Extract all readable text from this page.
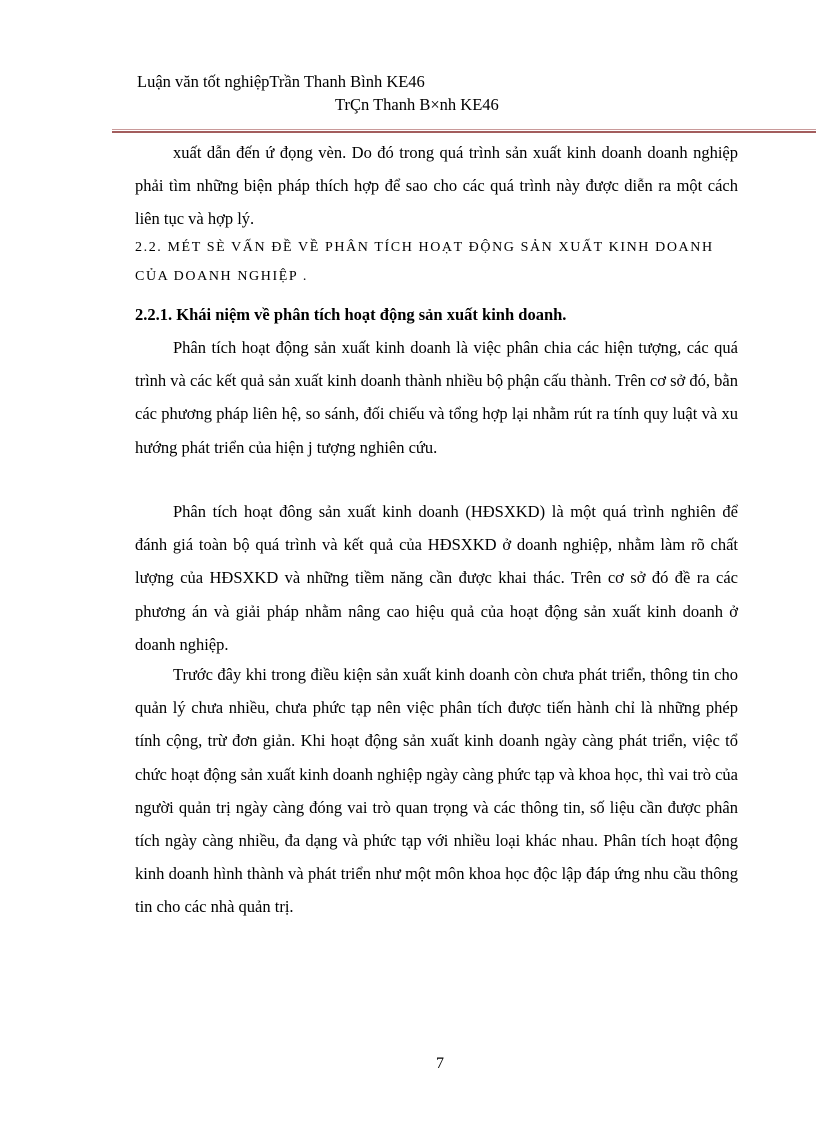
Luận văn tốt nghiệpTrần Thanh Bình KE46
TrÇn Thanh B×nh KE46

xuất dẫn đến ứ đọng vèn. Do đó trong quá trình sản xuất kinh doanh doanh nghiệp phải tìm những biện pháp thích hợp để sao cho các quá trình này được diễn ra một cách liên tục và hợp lý.

2.2. MÉT SÈ VẤN ĐỀ VỀ PHÂN TÍCH HOẠT ĐỘNG SẢN XUẤT KINH DOANH CỦA DOANH NGHIỆP .

2.2.1. Khái niệm về phân tích hoạt động sản xuất kinh doanh.

Phân tích hoạt động sản xuất kinh doanh là việc phân chia các hiện tượng, các quá trình và các kết quả sản xuất kinh doanh thành nhiều bộ phận cấu thành. Trên cơ sở đó, bằn các phương pháp liên hệ, so sánh, đối chiếu và tổng hợp lại nhằm rút ra tính quy luật và xu hướng phát triển của hiện j tượng nghiên cứu.

Phân tích hoạt đông sản xuất kinh doanh (HĐSXKD) là một quá trình nghiên để đánh giá toàn bộ quá trình và kết quả của HĐSXKD ở doanh nghiệp, nhằm làm rõ chất lượng của HĐSXKD và những tiềm năng cần được khai thác. Trên cơ sở đó đề ra các phương án và giải pháp nhằm nâng cao hiệu quả của hoạt động sản xuất kinh doanh ở doanh nghiệp.

Trước đây khi trong điều kiện sản xuất kinh doanh còn chưa phát triển, thông tin cho quản lý chưa nhiều, chưa phức tạp nên việc phân tích được tiến hành chỉ là những phép tính cộng, trừ đơn giản. Khi hoạt động sản xuất kinh doanh ngày càng phát triển, việc tổ chức hoạt động sản xuất kinh doanh nghiệp ngày càng phức tạp và khoa học, thì vai trò của người quản trị ngày càng đóng vai trò quan trọng và các thông tin, số liệu cần được phân tích ngày càng nhiều, đa dạng và phức tạp với nhiều loại khác nhau. Phân tích hoạt động kinh doanh hình thành và phát triển như một môn khoa học độc lập đáp ứng nhu cầu thông tin cho các nhà quản trị.

7
